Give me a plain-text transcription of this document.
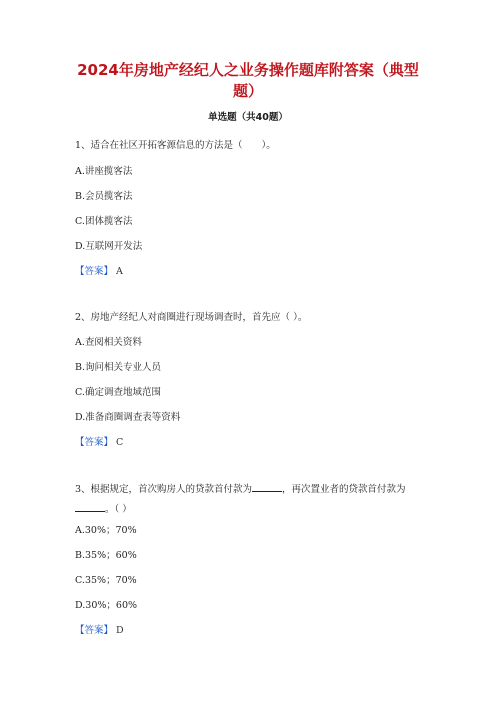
2024年房地产经纪人之业务操作题库附答案（典型
题）
单选题（共40题）
1、适合在社区开拓客源信息的方法是（　　）。
A.讲座揽客法
B.会员揽客法
C.团体揽客法
D.互联网开发法
【答案】 A
2、房地产经纪人对商圈进行现场调查时，首先应（ ）。
A.查阅相关资料
B.询问相关专业人员
C.确定调查地域范围
D.准备商圈调查表等资料
【答案】 C
3、根据规定，首次购房人的贷款首付款为	，再次置业者的贷款首付款为
。（ ）
A.30%；70%
B.35%；60%
C.35%；70%
D.30%；60%
【答案】 D
